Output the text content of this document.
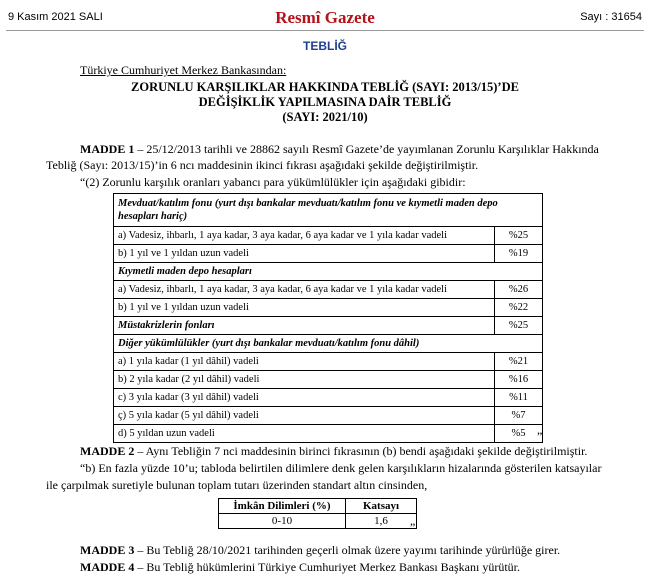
9 Kasım 2021 SALI	Resmî Gazete	Sayı : 31654
TEBLİĞ
Türkiye Cumhuriyet Merkez Bankasından:
ZORUNLU KARŞILIKLAR HAKKINDA TEBLİĞ (SAYI: 2013/15)’DE
DEĞİŞİKLİK YAPILMASINA DAİR TEBLİĞ
(SAYI: 2021/10)
MADDE 1 – 25/12/2013 tarihli ve 28862 sayılı Resmî Gazete’de yayımlanan Zorunlu Karşılıklar Hakkında
Tebliğ (Sayı: 2013/15)’in 6 ncı maddesinin ikinci fıkrası aşağıdaki şekilde değiştirilmiştir.
“(2) Zorunlu karşılık oranları yabancı para yükümlülükler için aşağıdaki gibidir:
Mevduat/katılım fonu (yurt dışı bankalar mevduatı/katılım fonu ve kıymetli maden depo hesapları hariç)	
a) Vadesiz, ihbarlı, 1 aya kadar, 3 aya kadar, 6 aya kadar ve 1 yıla kadar vadeli	%25
b) 1 yıl ve 1 yıldan uzun vadeli	%19
Kıymetli maden depo hesapları	
a) Vadesiz, ihbarlı, 1 aya kadar, 3 aya kadar, 6 aya kadar ve 1 yıla kadar vadeli	%26
b) 1 yıl ve 1 yıldan uzun vadeli	%22
Müstakrizlerin fonları	%25
Diğer yükümlülükler (yurt dışı bankalar mevduatı/katılım fonu dâhil)	
a) 1 yıla kadar (1 yıl dâhil) vadeli	%21
b) 2 yıla kadar (2 yıl dâhil) vadeli	%16
c) 3 yıla kadar (3 yıl dâhil) vadeli	%11
ç) 5 yıla kadar (5 yıl dâhil) vadeli	%7
d) 5 yıldan uzun vadeli	%5 ”
MADDE 2 – Aynı Tebliğin 7 nci maddesinin birinci fıkrasının (b) bendi aşağıdaki şekilde değiştirilmiştir.
“b) En fazla yüzde 10’u; tabloda belirtilen dilimlere denk gelen karşılıkların hizalarında gösterilen katsayılar
ile çarpılmak suretiyle bulunan toplam tutarı üzerinden standart altın cinsinden,
İmkân Dilimleri (%)	Katsayı
0-10	1,6 ”
MADDE 3 – Bu Tebliğ 28/10/2021 tarihinden geçerli olmak üzere yayımı tarihinde yürürlüğe girer.
MADDE 4 – Bu Tebliğ hükümlerini Türkiye Cumhuriyet Merkez Bankası Başkanı yürütür.
